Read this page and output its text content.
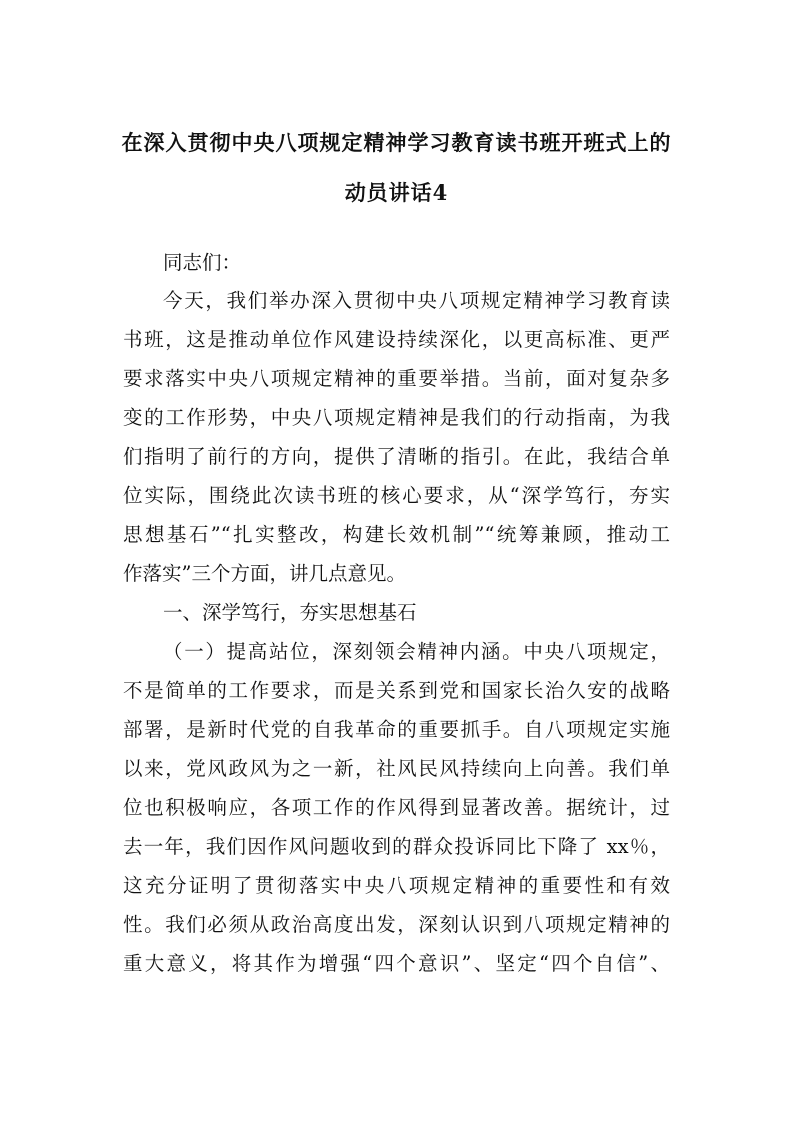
在深入贯彻中央八项规定精神学习教育读书班开班式上的
动员讲话4
同志们：
今天，我们举办深入贯彻中央八项规定精神学习教育读
书班，这是推动单位作风建设持续深化，以更高标准、更严
要求落实中央八项规定精神的重要举措。当前，面对复杂多
变的工作形势，中央八项规定精神是我们的行动指南，为我
们指明了前行的方向，提供了清晰的指引。在此，我结合单
位实际，围绕此次读书班的核心要求，从“深学笃行，夯实
思想基石”“扎实整改，构建长效机制”“统筹兼顾，推动工
作落实”三个方面，讲几点意见。
一、深学笃行，夯实思想基石
（一）提高站位，深刻领会精神内涵。中央八项规定，
不是简单的工作要求，而是关系到党和国家长治久安的战略
部署，是新时代党的自我革命的重要抓手。自八项规定实施
以来，党风政风为之一新，社风民风持续向上向善。我们单
位也积极响应，各项工作的作风得到显著改善。据统计，过
去一年，我们因作风问题收到的群众投诉同比下降了 xx％，
这充分证明了贯彻落实中央八项规定精神的重要性和有效
性。我们必须从政治高度出发，深刻认识到八项规定精神的
重大意义，将其作为增强“四个意识”、坚定“四个自信”、
